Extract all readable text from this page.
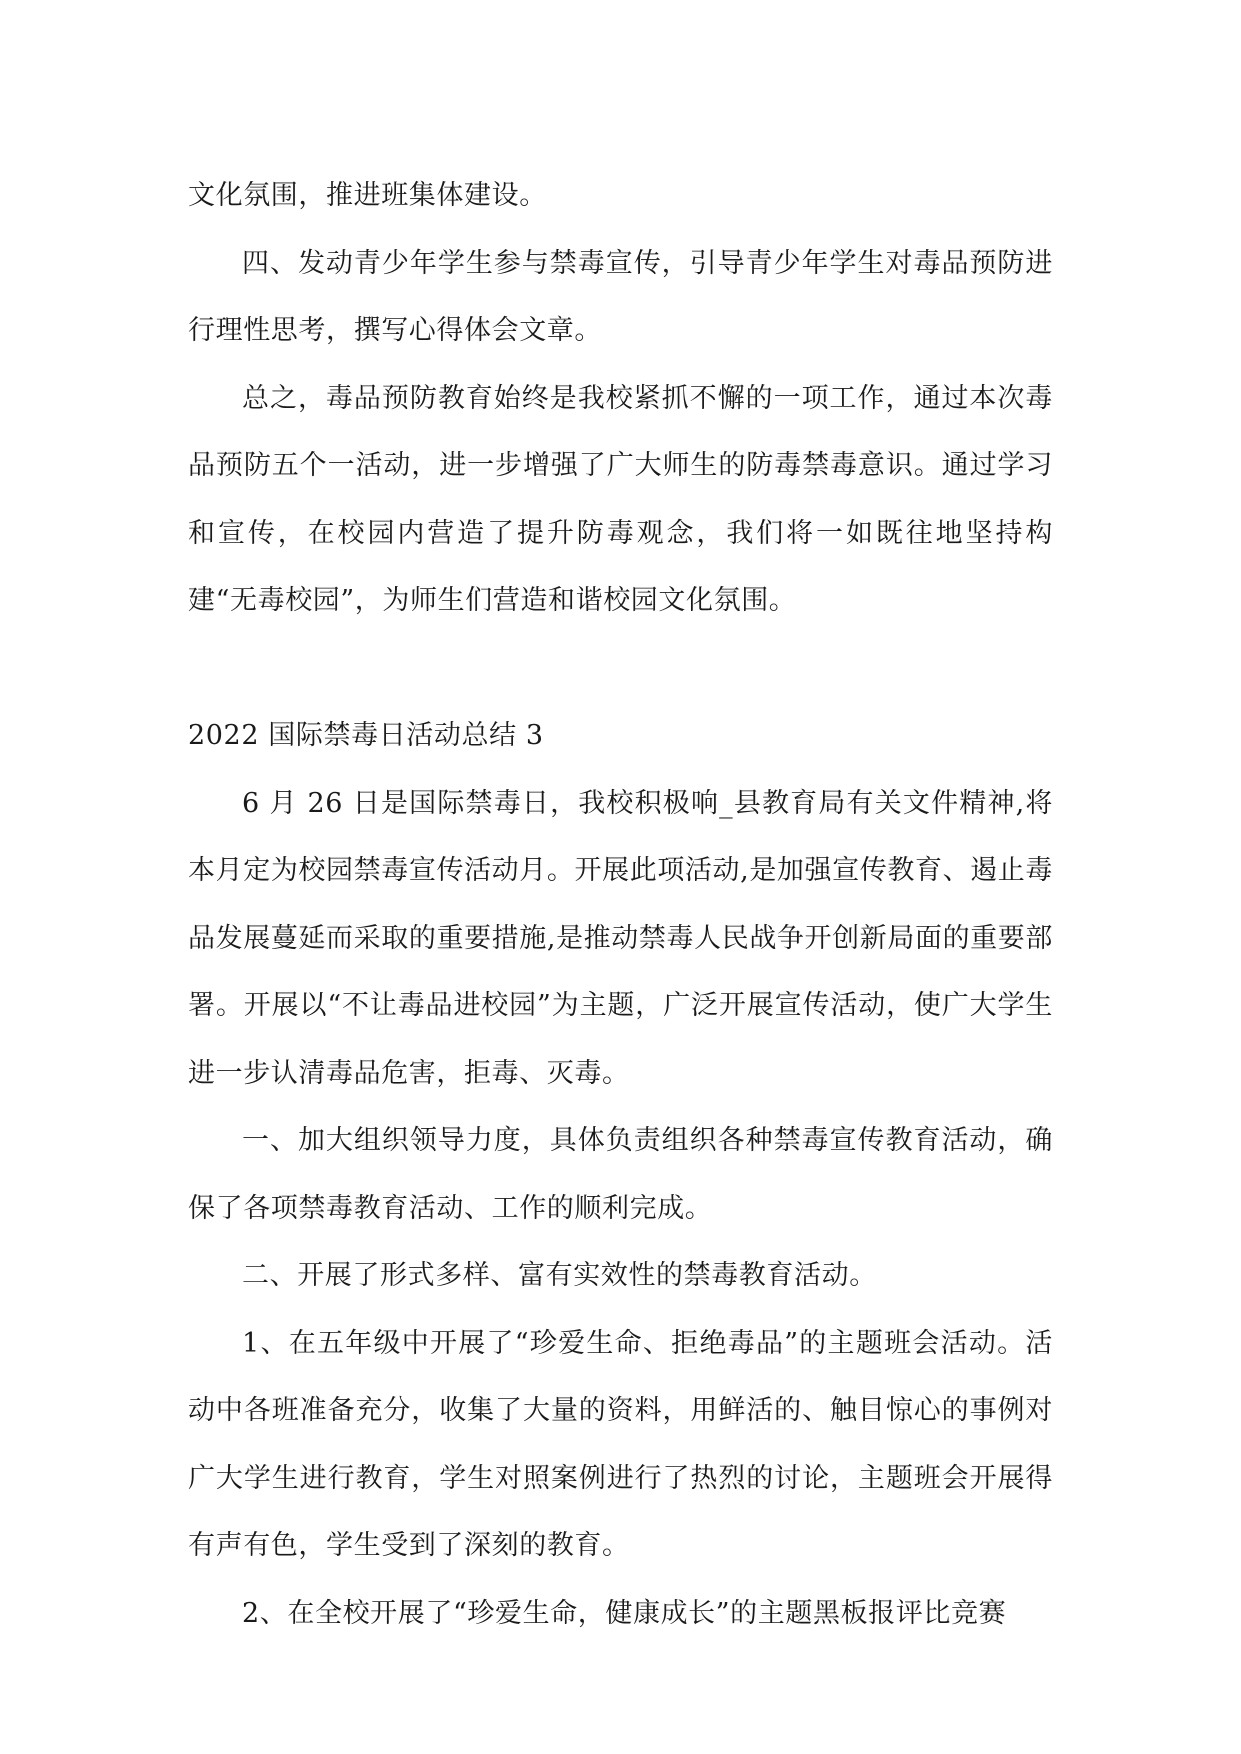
文化氛围，推进班集体建设。

四、发动青少年学生参与禁毒宣传，引导青少年学生对毒品预防进行理性思考，撰写心得体会文章。

总之，毒品预防教育始终是我校紧抓不懈的一项工作，通过本次毒品预防五个一活动，进一步增强了广大师生的防毒禁毒意识。通过学习和宣传，在校园内营造了提升防毒观念，我们将一如既往地坚持构建“无毒校园”，为师生们营造和谐校园文化氛围。

2022 国际禁毒日活动总结 3

6 月 26 日是国际禁毒日，我校积极响_县教育局有关文件精神,将本月定为校园禁毒宣传活动月。开展此项活动,是加强宣传教育、遏止毒品发展蔓延而采取的重要措施,是推动禁毒人民战争开创新局面的重要部署。开展以“不让毒品进校园”为主题，广泛开展宣传活动，使广大学生进一步认清毒品危害，拒毒、灭毒。

一、加大组织领导力度，具体负责组织各种禁毒宣传教育活动，确保了各项禁毒教育活动、工作的顺利完成。

二、开展了形式多样、富有实效性的禁毒教育活动。

1、在五年级中开展了“珍爱生命、拒绝毒品”的主题班会活动。活动中各班准备充分，收集了大量的资料，用鲜活的、触目惊心的事例对广大学生进行教育，学生对照案例进行了热烈的讨论，主题班会开展得有声有色，学生受到了深刻的教育。

2、在全校开展了“珍爱生命，健康成长”的主题黑板报评比竞赛
